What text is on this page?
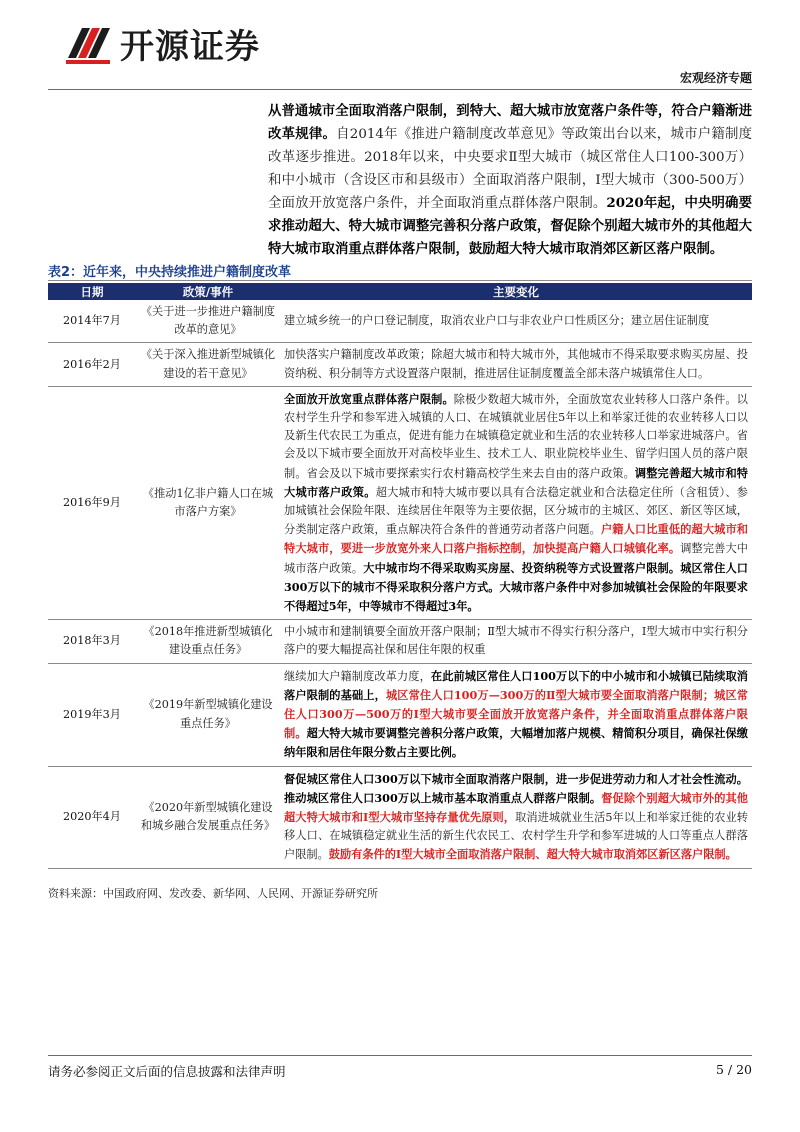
开源证券
宏观经济专题

从普通城市全面取消落户限制，到特大、超大城市放宽落户条件等，符合户籍渐进改革规律。自2014年《推进户籍制度改革意见》等政策出台以来，城市户籍制度改革逐步推进。2018年以来，中央要求Ⅱ型大城市（城区常住人口100-300万）和中小城市（含设区市和县级市）全面取消落户限制，Ⅰ型大城市（300-500万）全面放开放宽落户条件，并全面取消重点群体落户限制。2020年起，中央明确要求推动超大、特大城市调整完善积分落户政策，督促除个别超大城市外的其他超大特大城市取消重点群体落户限制，鼓励超大特大城市取消郊区新区落户限制。

表2：近年来，中央持续推进户籍制度改革
日期	政策/事件	主要变化
2014年7月	《关于进一步推进户籍制度改革的意见》	建立城乡统一的户口登记制度，取消农业户口与非农业户口性质区分；建立居住证制度
2016年2月	《关于深入推进新型城镇化建设的若干意见》	加快落实户籍制度改革政策；除超大城市和特大城市外，其他城市不得采取要求购买房屋、投资纳税、积分制等方式设置落户限制，推进居住证制度覆盖全部未落户城镇常住人口。
2016年9月	《推动1亿非户籍人口在城市落户方案》	全面放开放宽重点群体落户限制。除极少数超大城市外，全面放宽农业转移人口落户条件。以农村学生升学和参军进入城镇的人口、在城镇就业居住5年以上和举家迁徙的农业转移人口以及新生代农民工为重点，促进有能力在城镇稳定就业和生活的农业转移人口举家进城落户。省会及以下城市要全面放开对高校毕业生、技术工人、职业院校毕业生、留学归国人员的落户限制。省会及以下城市要探索实行农村籍高校学生来去自由的落户政策。调整完善超大城市和特大城市落户政策。超大城市和特大城市要以具有合法稳定就业和合法稳定住所（含租赁）、参加城镇社会保险年限、连续居住年限等为主要依据，区分城市的主城区、郊区、新区等区域，分类制定落户政策，重点解决符合条件的普通劳动者落户问题。户籍人口比重低的超大城市和特大城市，要进一步放宽外来人口落户指标控制，加快提高户籍人口城镇化率。调整完善大中城市落户政策。大中城市均不得采取购买房屋、投资纳税等方式设置落户限制。城区常住人口300万以下的城市不得采取积分落户方式。大城市落户条件中对参加城镇社会保险的年限要求不得超过5年，中等城市不得超过3年。
2018年3月	《2018年推进新型城镇化建设重点任务》	中小城市和建制镇要全面放开落户限制；Ⅱ型大城市不得实行积分落户，Ⅰ型大城市中实行积分落户的要大幅提高社保和居住年限的权重
2019年3月	《2019年新型城镇化建设重点任务》	继续加大户籍制度改革力度，在此前城区常住人口100万以下的中小城市和小城镇已陆续取消落户限制的基础上，城区常住人口100万—300万的Ⅱ型大城市要全面取消落户限制；城区常住人口300万—500万的Ⅰ型大城市要全面放开放宽落户条件，并全面取消重点群体落户限制。超大特大城市要调整完善积分落户政策，大幅增加落户规模、精简积分项目，确保社保缴纳年限和居住年限分数占主要比例。
2020年4月	《2020年新型城镇化建设和城乡融合发展重点任务》	督促城区常住人口300万以下城市全面取消落户限制，进一步促进劳动力和人才社会性流动。推动城区常住人口300万以上城市基本取消重点人群落户限制。督促除个别超大城市外的其他超大特大城市和Ⅰ型大城市坚持存量优先原则，取消进城就业生活5年以上和举家迁徙的农业转移人口、在城镇稳定就业生活的新生代农民工、农村学生升学和参军进城的人口等重点人群落户限制。鼓励有条件的Ⅰ型大城市全面取消落户限制、超大特大城市取消郊区新区落户限制。
资料来源：中国政府网、发改委、新华网、人民网、开源证券研究所
请务必参阅正文后面的信息披露和法律声明	5 / 20
